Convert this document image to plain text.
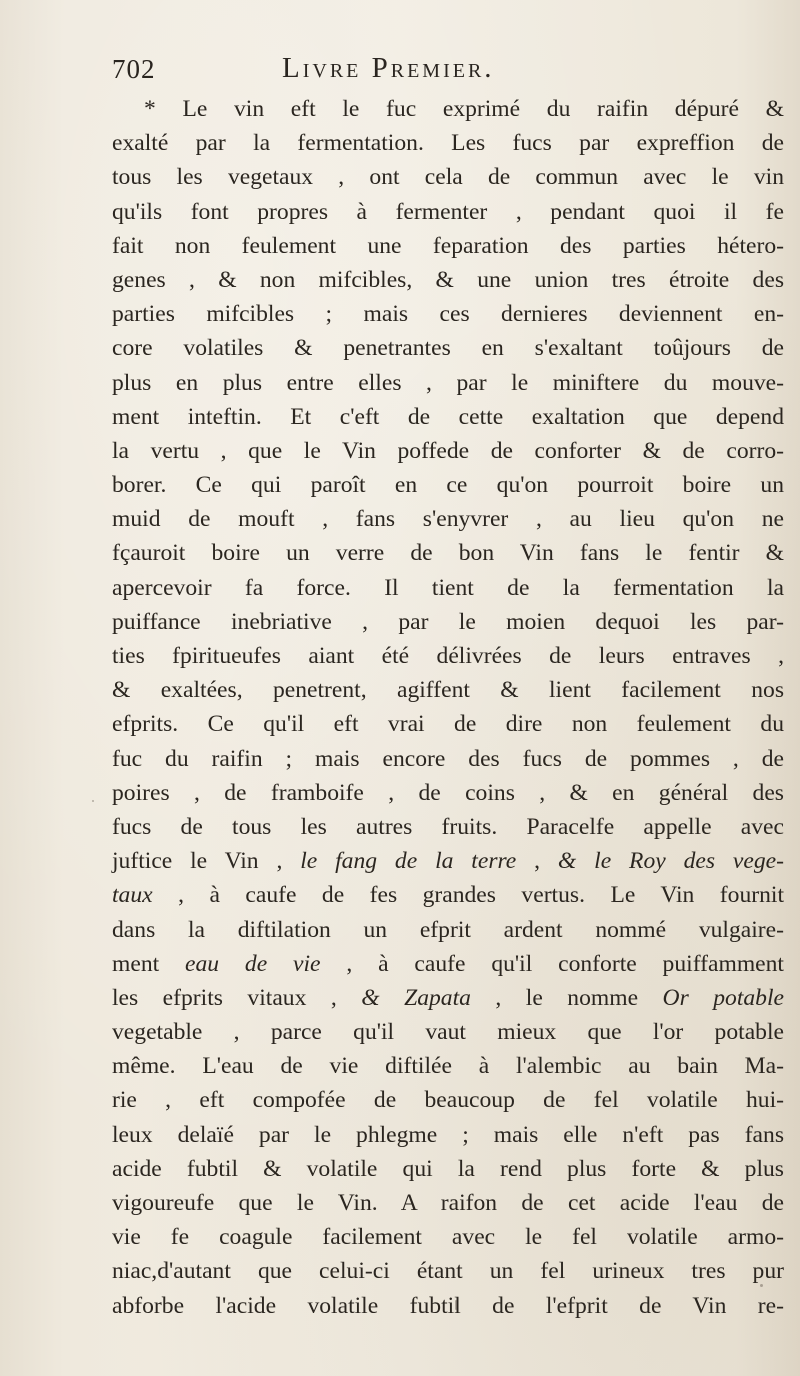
702	Livre Premier.
* Le vin eft le fuc exprimé du raifin dépuré &
exalté par la fermentation. Les fucs par expreffion de
tous les vegetaux , ont cela de commun avec le vin
qu'ils font propres à fermenter , pendant quoi il fe
fait non feulement une feparation des parties hétero-
genes , & non mifcibles, & une union tres étroite des
parties mifcibles ; mais ces dernieres deviennent en-
core volatiles & penetrantes en s'exaltant toûjours de
plus en plus entre elles , par le miniftere du mouve-
ment inteftin. Et c'eft de cette exaltation que depend
la vertu , que le Vin poffede de conforter & de corro-
borer. Ce qui paroît en ce qu'on pourroit boire un
muid de mouft , fans s'enyvrer , au lieu qu'on ne
fçauroit boire un verre de bon Vin fans le fentir &
apercevoir fa force. Il tient de la fermentation la
puiffance inebriative , par le moien dequoi les par-
ties fpiritueufes aiant été délivrées de leurs entraves ,
& exaltées, penetrent, agiffent & lient facilement nos
efprits. Ce qu'il eft vrai de dire non feulement du
fuc du raifin ; mais encore des fucs de pommes , de
poires , de framboife , de coins , & en général des
fucs de tous les autres fruits. Paracelfe appelle avec
juftice le Vin , le fang de la terre , & le Roy des vege-
taux , à caufe de fes grandes vertus. Le Vin fournit
dans la diftilation un efprit ardent nommé vulgaire-
ment eau de vie , à caufe qu'il conforte puiffamment
les efprits vitaux , & Zapata , le nomme Or potable
vegetable , parce qu'il vaut mieux que l'or potable
même. L'eau de vie diftilée à l'alembic au bain Ma-
rie , eft compofée de beaucoup de fel volatile hui-
leux delaïé par le phlegme ; mais elle n'eft pas fans
acide fubtil & volatile qui la rend plus forte & plus
vigoureufe que le Vin. A raifon de cet acide l'eau de
vie fe coagule facilement avec le fel volatile armo-
niac,d'autant que celui-ci étant un fel urineux tres pur
abforbe l'acide volatile fubtil de l'efprit de Vin re-
